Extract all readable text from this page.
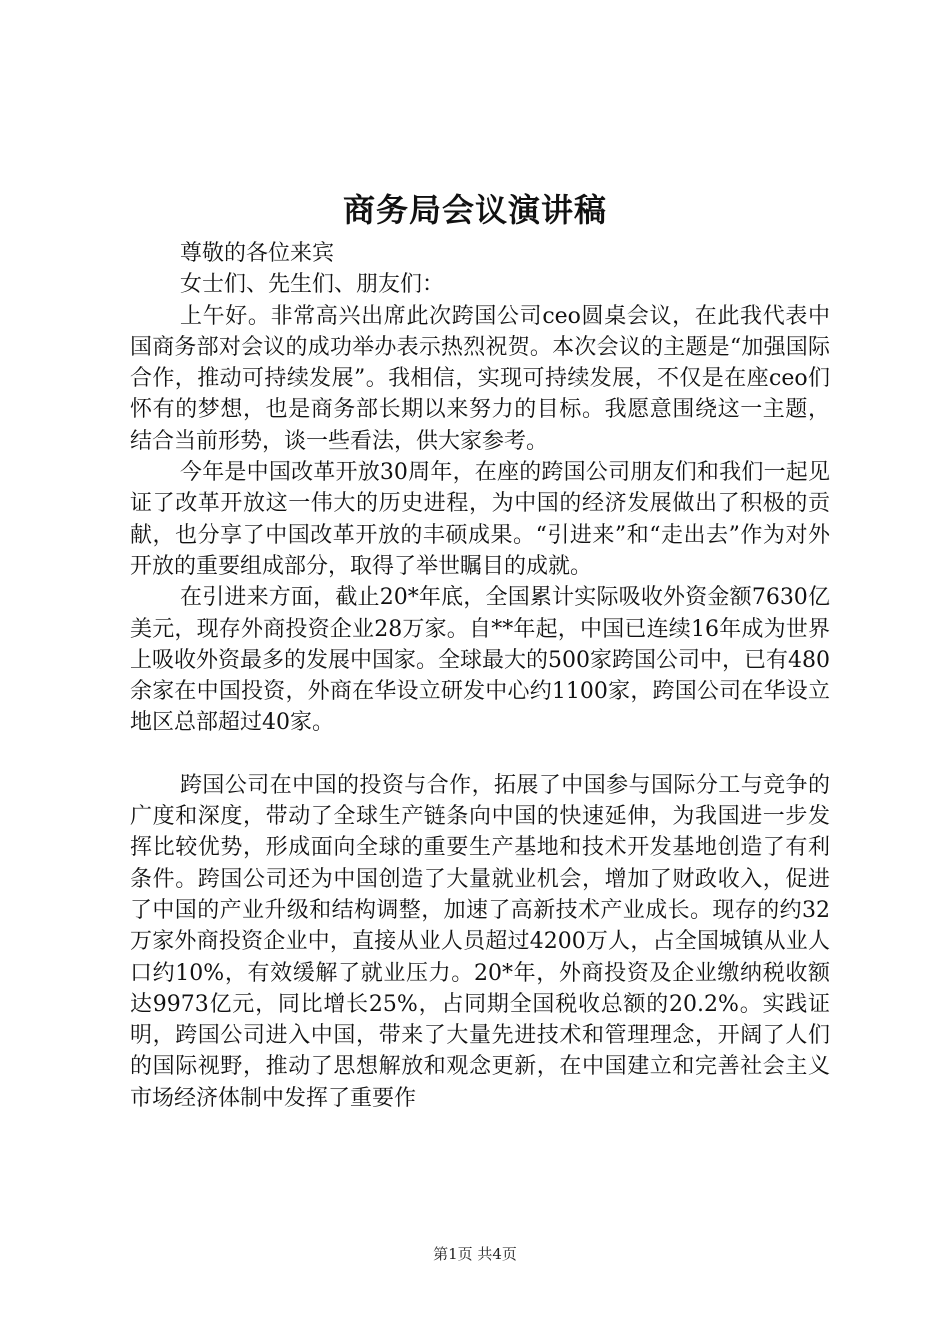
商务局会议演讲稿

尊敬的各位来宾

女士们、先生们、朋友们：

上午好。非常高兴出席此次跨国公司ceo圆桌会议，在此我代表中国商务部对会议的成功举办表示热烈祝贺。本次会议的主题是“加强国际合作，推动可持续发展”。我相信，实现可持续发展，不仅是在座ceo们怀有的梦想，也是商务部长期以来努力的目标。我愿意围绕这一主题，结合当前形势，谈一些看法，供大家参考。

今年是中国改革开放30周年，在座的跨国公司朋友们和我们一起见证了改革开放这一伟大的历史进程，为中国的经济发展做出了积极的贡献，也分享了中国改革开放的丰硕成果。“引进来”和“走出去”作为对外开放的重要组成部分，取得了举世瞩目的成就。

在引进来方面，截止20*年底，全国累计实际吸收外资金额7630亿美元，现存外商投资企业28万家。自**年起，中国已连续16年成为世界上吸收外资最多的发展中国家。全球最大的500家跨国公司中，已有480余家在中国投资，外商在华设立研发中心约1100家，跨国公司在华设立地区总部超过40家。

跨国公司在中国的投资与合作，拓展了中国参与国际分工与竞争的广度和深度，带动了全球生产链条向中国的快速延伸，为我国进一步发挥比较优势，形成面向全球的重要生产基地和技术开发基地创造了有利条件。跨国公司还为中国创造了大量就业机会，增加了财政收入，促进了中国的产业升级和结构调整，加速了高新技术产业成长。现存的约32万家外商投资企业中，直接从业人员超过4200万人，占全国城镇从业人口约10%，有效缓解了就业压力。20*年，外商投资及企业缴纳税收额达9973亿元，同比增长25%，占同期全国税收总额的20.2%。实践证明，跨国公司进入中国，带来了大量先进技术和管理理念，开阔了人们的国际视野，推动了思想解放和观念更新，在中国建立和完善社会主义市场经济体制中发挥了重要作

第1页 共4页
